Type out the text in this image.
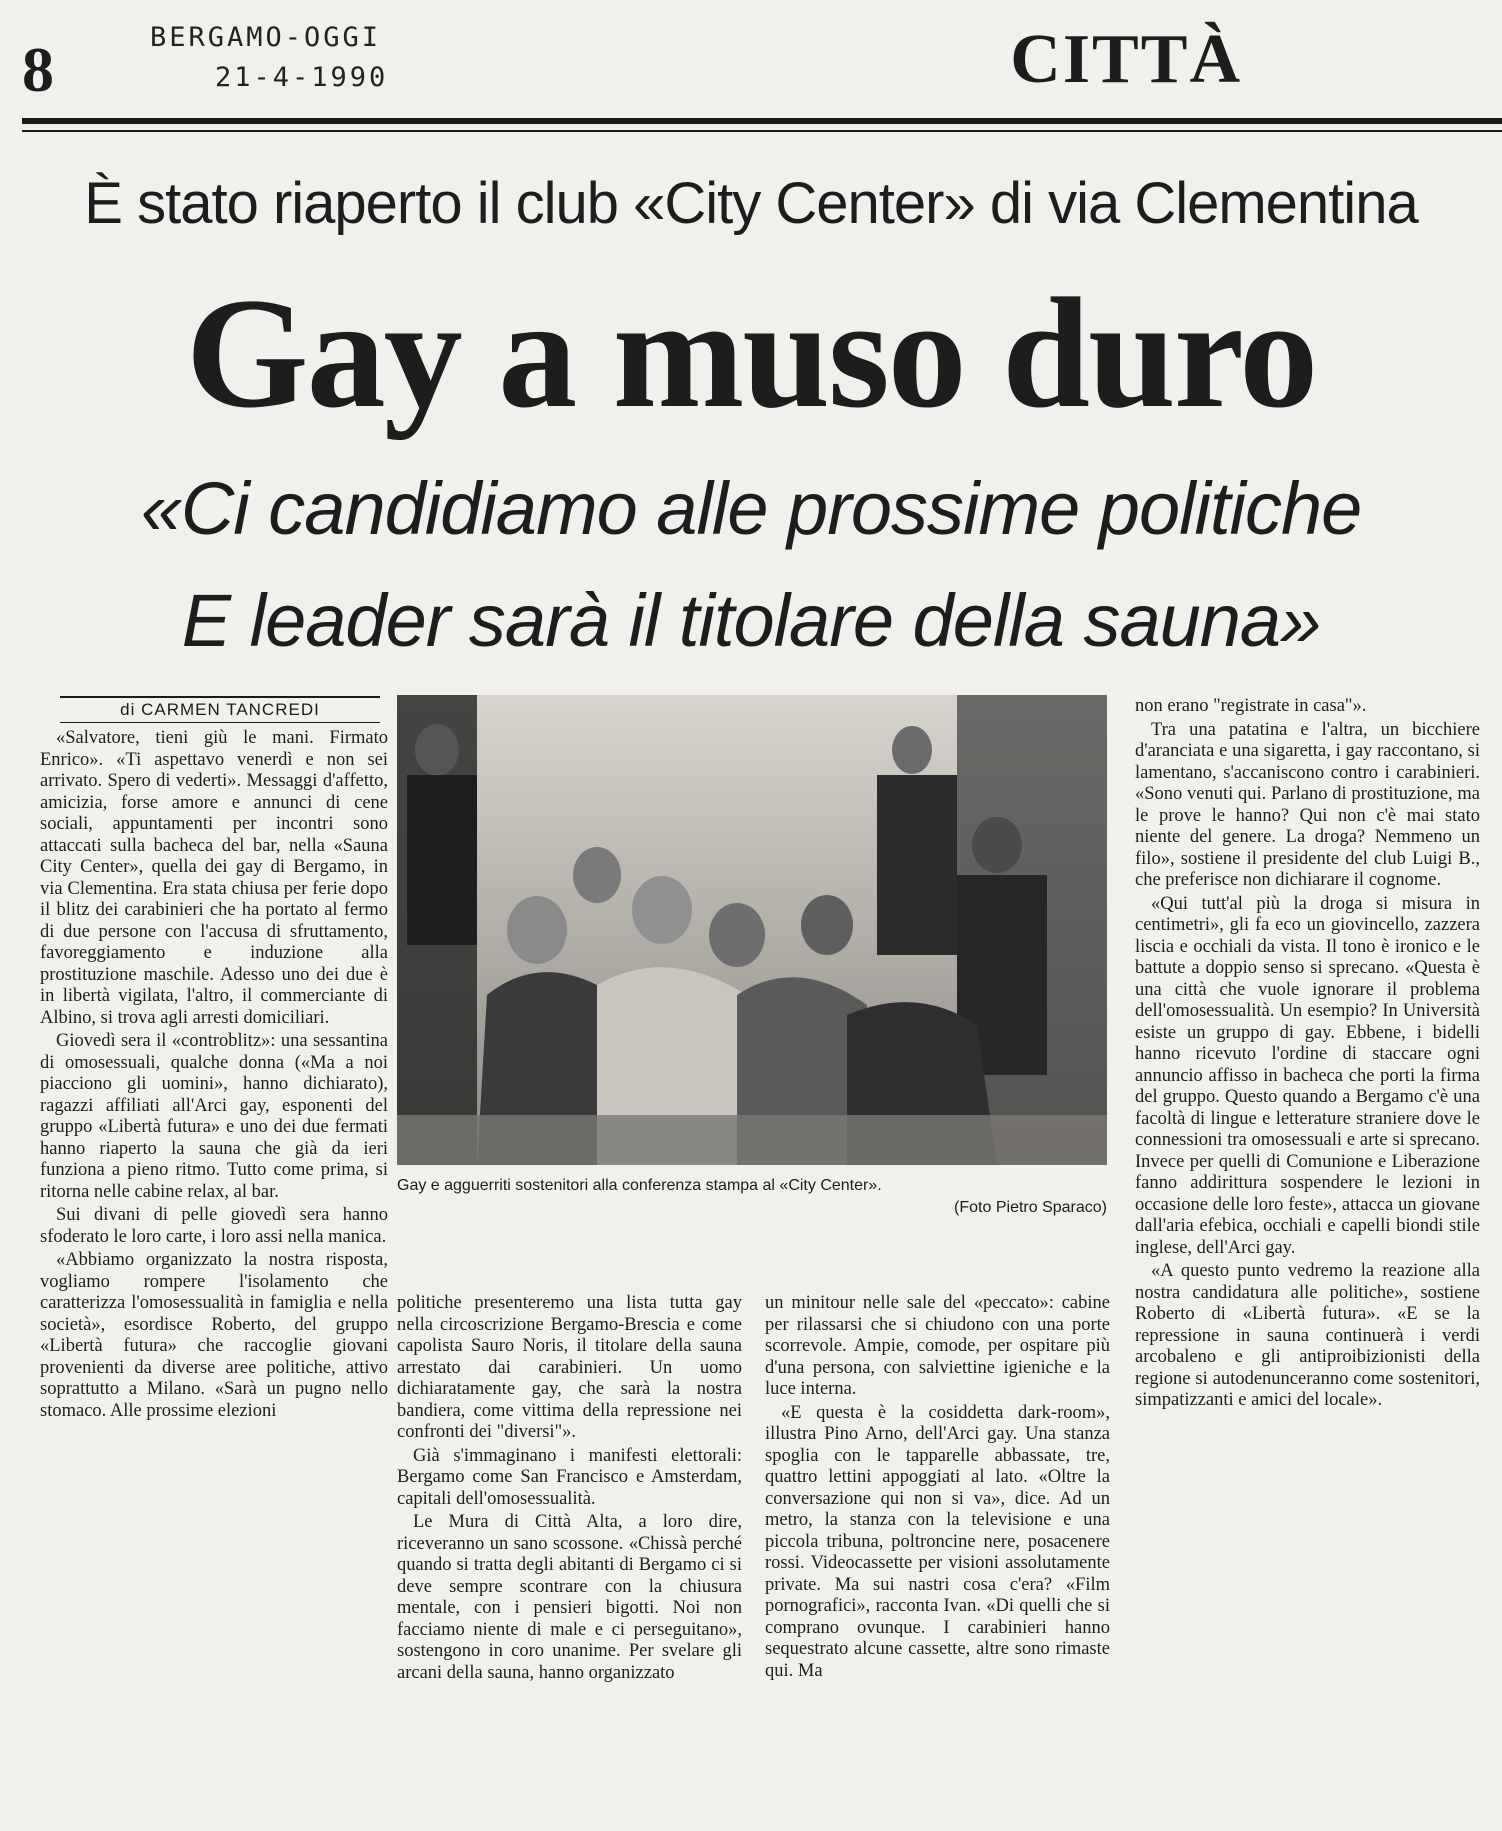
8	BERGAMO-OGGI
21-4-1990	CITTÀ
È stato riaperto il club «City Center» di via Clementina
Gay a muso duro
«Ci candidiamo alle prossime politiche
E leader sarà il titolare della sauna»
di CARMEN TANCREDI

«Salvatore, tieni giù le mani. Firmato Enrico». «Ti aspettavo venerdì e non sei arrivato. Spero di vederti». Messaggi d'affetto, amicizia, forse amore e annunci di cene sociali, appuntamenti per incontri sono attaccati sulla bacheca del bar, nella «Sauna City Center», quella dei gay di Bergamo, in via Clementina. Era stata chiusa per ferie dopo il blitz dei carabinieri che ha portato al fermo di due persone con l'accusa di sfruttamento, favoreggiamento e induzione alla prostituzione maschile. Adesso uno dei due è in libertà vigilata, l'altro, il commerciante di Albino, si trova agli arresti domiciliari.

Giovedì sera il «controblitz»: una sessantina di omosessuali, qualche donna («Ma a noi piacciono gli uomini», hanno dichiarato), ragazzi affiliati all'Arci gay, esponenti del gruppo «Libertà futura» e uno dei due fermati hanno riaperto la sauna che già da ieri funziona a pieno ritmo. Tutto come prima, si ritorna nelle cabine relax, al bar.

Sui divani di pelle giovedì sera hanno sfoderato le loro carte, i loro assi nella manica.

«Abbiamo organizzato la nostra risposta, vogliamo rompere l'isolamento che caratterizza l'omosessualità in famiglia e nella società», esordisce Roberto, del gruppo «Libertà futura» che raccoglie giovani provenienti da diverse aree politiche, attivo soprattutto a Milano. «Sarà un pugno nello stomaco. Alle prossime elezioni

Gay e agguerriti sostenitori alla conferenza stampa al «City Center».
(Foto Pietro Sparaco)

politiche presenteremo una lista tutta gay nella circoscrizione Bergamo-Brescia e come capolista Sauro Noris, il titolare della sauna arrestato dai carabinieri. Un uomo dichiaratamente gay, che sarà la nostra bandiera, come vittima della repressione nei confronti dei "diversi"».

Già s'immaginano i manifesti elettorali: Bergamo come San Francisco e Amsterdam, capitali dell'omosessualità.

Le Mura di Città Alta, a loro dire, riceveranno un sano scossone. «Chissà perché quando si tratta degli abitanti di Bergamo ci si deve sempre scontrare con la chiusura mentale, con i pensieri bigotti. Noi non facciamo niente di male e ci perseguitano», sostengono in coro unanime. Per svelare gli arcani della sauna, hanno organizzato

un minitour nelle sale del «peccato»: cabine per rilassarsi che si chiudono con una porte scorrevole. Ampie, comode, per ospitare più d'una persona, con salviettine igieniche e la luce interna.

«E questa è la cosiddetta dark-room», illustra Pino Arno, dell'Arci gay. Una stanza spoglia con le tapparelle abbassate, tre, quattro lettini appoggiati al lato. «Oltre la conversazione qui non si va», dice. Ad un metro, la stanza con la televisione e una piccola tribuna, poltroncine nere, posacenere rossi. Videocassette per visioni assolutamente private. Ma sui nastri cosa c'era? «Film pornografici», racconta Ivan. «Di quelli che si comprano ovunque. I carabinieri hanno sequestrato alcune cassette, altre sono rimaste qui. Ma

non erano "registrate in casa"».

Tra una patatina e l'altra, un bicchiere d'aranciata e una sigaretta, i gay raccontano, si lamentano, s'accaniscono contro i carabinieri. «Sono venuti qui. Parlano di prostituzione, ma le prove le hanno? Qui non c'è mai stato niente del genere. La droga? Nemmeno un filo», sostiene il presidente del club Luigi B., che preferisce non dichiarare il cognome.

«Qui tutt'al più la droga si misura in centimetri», gli fa eco un giovincello, zazzera liscia e occhiali da vista. Il tono è ironico e le battute a doppio senso si sprecano. «Questa è una città che vuole ignorare il problema dell'omosessualità. Un esempio? In Università esiste un gruppo di gay. Ebbene, i bidelli hanno ricevuto l'ordine di staccare ogni annuncio affisso in bacheca che porti la firma del gruppo. Questo quando a Bergamo c'è una facoltà di lingue e letterature straniere dove le connessioni tra omosessuali e arte si sprecano. Invece per quelli di Comunione e Liberazione fanno addirittura sospendere le lezioni in occasione delle loro feste», attacca un giovane dall'aria efebica, occhiali e capelli biondi stile inglese, dell'Arci gay.

«A questo punto vedremo la reazione alla nostra candidatura alle politiche», sostiene Roberto di «Libertà futura». «E se la repressione in sauna continuerà i verdi arcobaleno e gli antiproibizionisti della regione si autodenunceranno come sostenitori, simpatizzanti e amici del locale».
